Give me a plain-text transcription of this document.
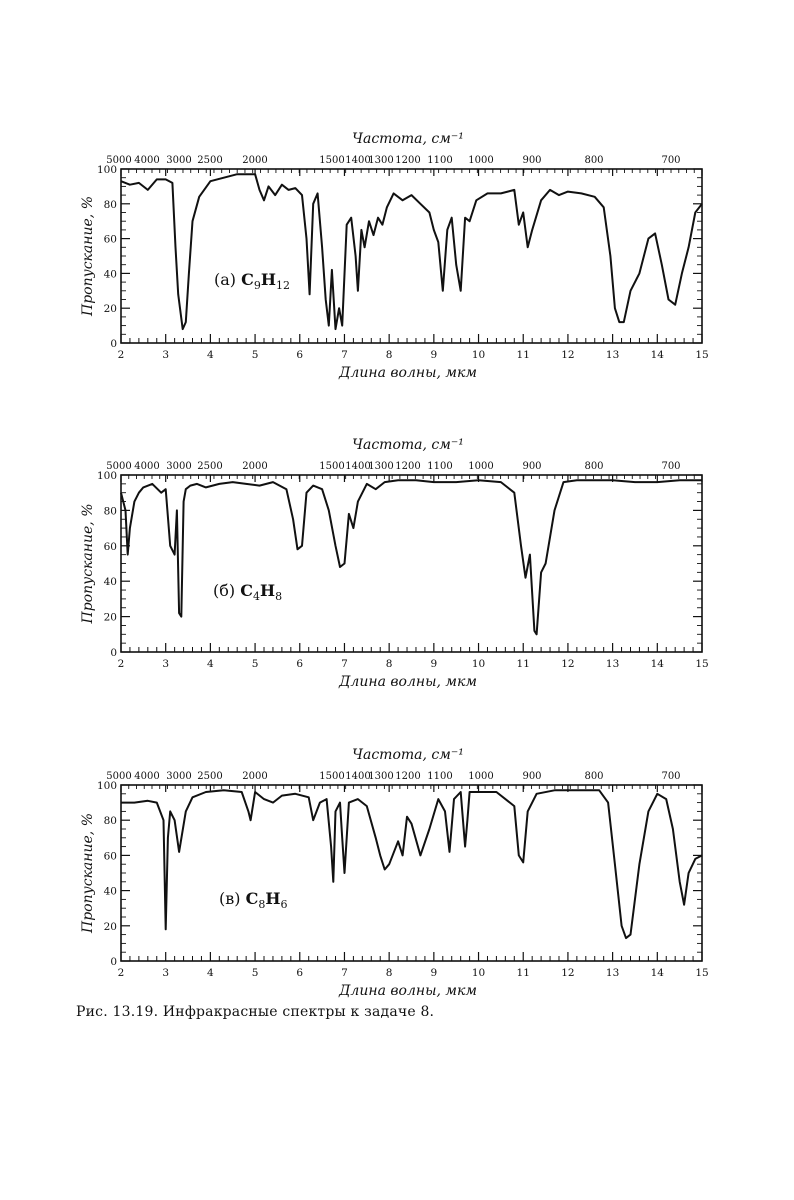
2	3	4	5	6	7	8	9	10	11	12	13	14	15
0
20
40
60
80
100
5000 4000 3000 2500 2000	1500 1400
1300 1200 1100 1000	900	800	700
Частота, см⁻¹
Длина волны, мкм
Пропускание, %	(а) $C_9H_{12}$
2	3	4	5	6	7	8	9	10	11	12	13	14	15
0
20
40
60
80
100
5000 4000 3000 2500 2000	1500 1400
1300 1200 1100 1000	900	800	700
Частота, см⁻¹
Длина волны, мкм
Пропускание, %	(б) $C_4H_8$
2	3	4	5	6	7	8	9	10	11	12	13	14	15
0
20
40
60
80
100
5000 4000 3000 2500 2000	1500 1400
1300 1200 1100 1000	900	800	700
Частота, см⁻¹
Длина волны, мкм
Пропускание, %	(в) $C_8H_6$
Рис. 13.19. Инфракрасные спектры к задаче 8.
